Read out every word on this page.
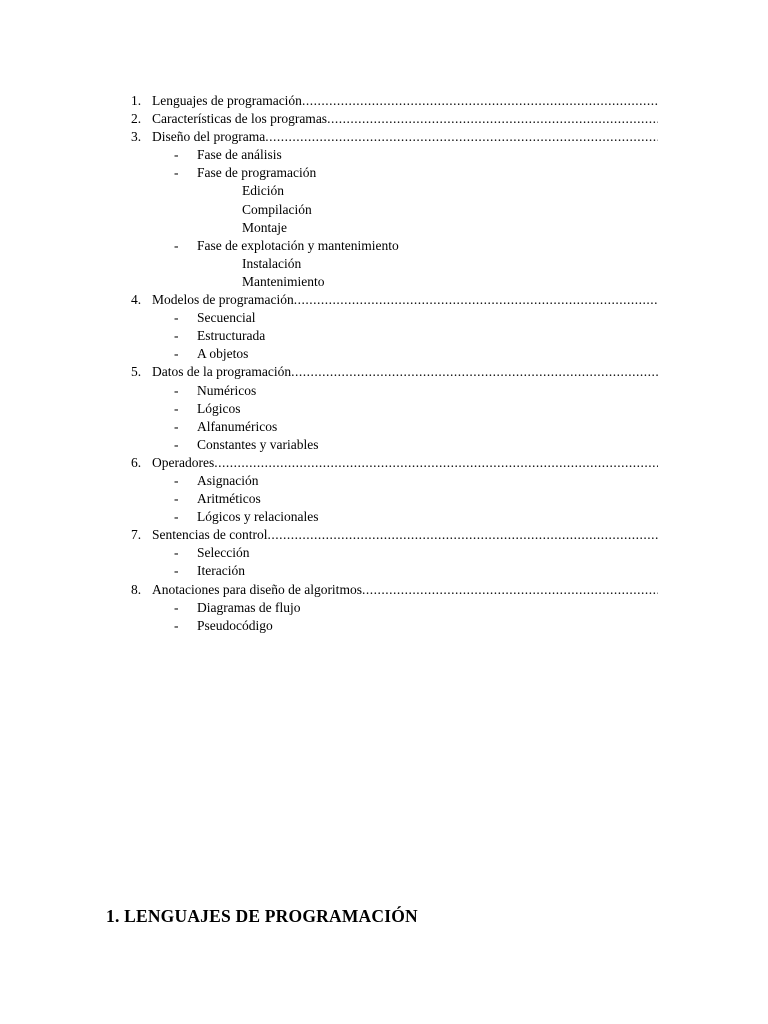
1. Lenguajes de programación
.....
2. Características de los programas
.....
3. Diseño del programa
.....
- Fase de análisis
- Fase de programación
Edición
Compilación
Montaje
- Fase de explotación y mantenimiento
Instalación
Mantenimiento
4. Modelos de programación
.....
- Secuencial
- Estructurada
- A objetos
5. Datos de la programación
.....
- Numéricos
- Lógicos
- Alfanuméricos
- Constantes y variables
6. Operadores
.....
- Asignación
- Aritméticos
- Lógicos y relacionales
7. Sentencias de control
.....
- Selección
- Iteración
8. Anotaciones para diseño de algoritmos
.....
- Diagramas de flujo
- Pseudocódigo
1. LENGUAJES DE PROGRAMACIÓN
